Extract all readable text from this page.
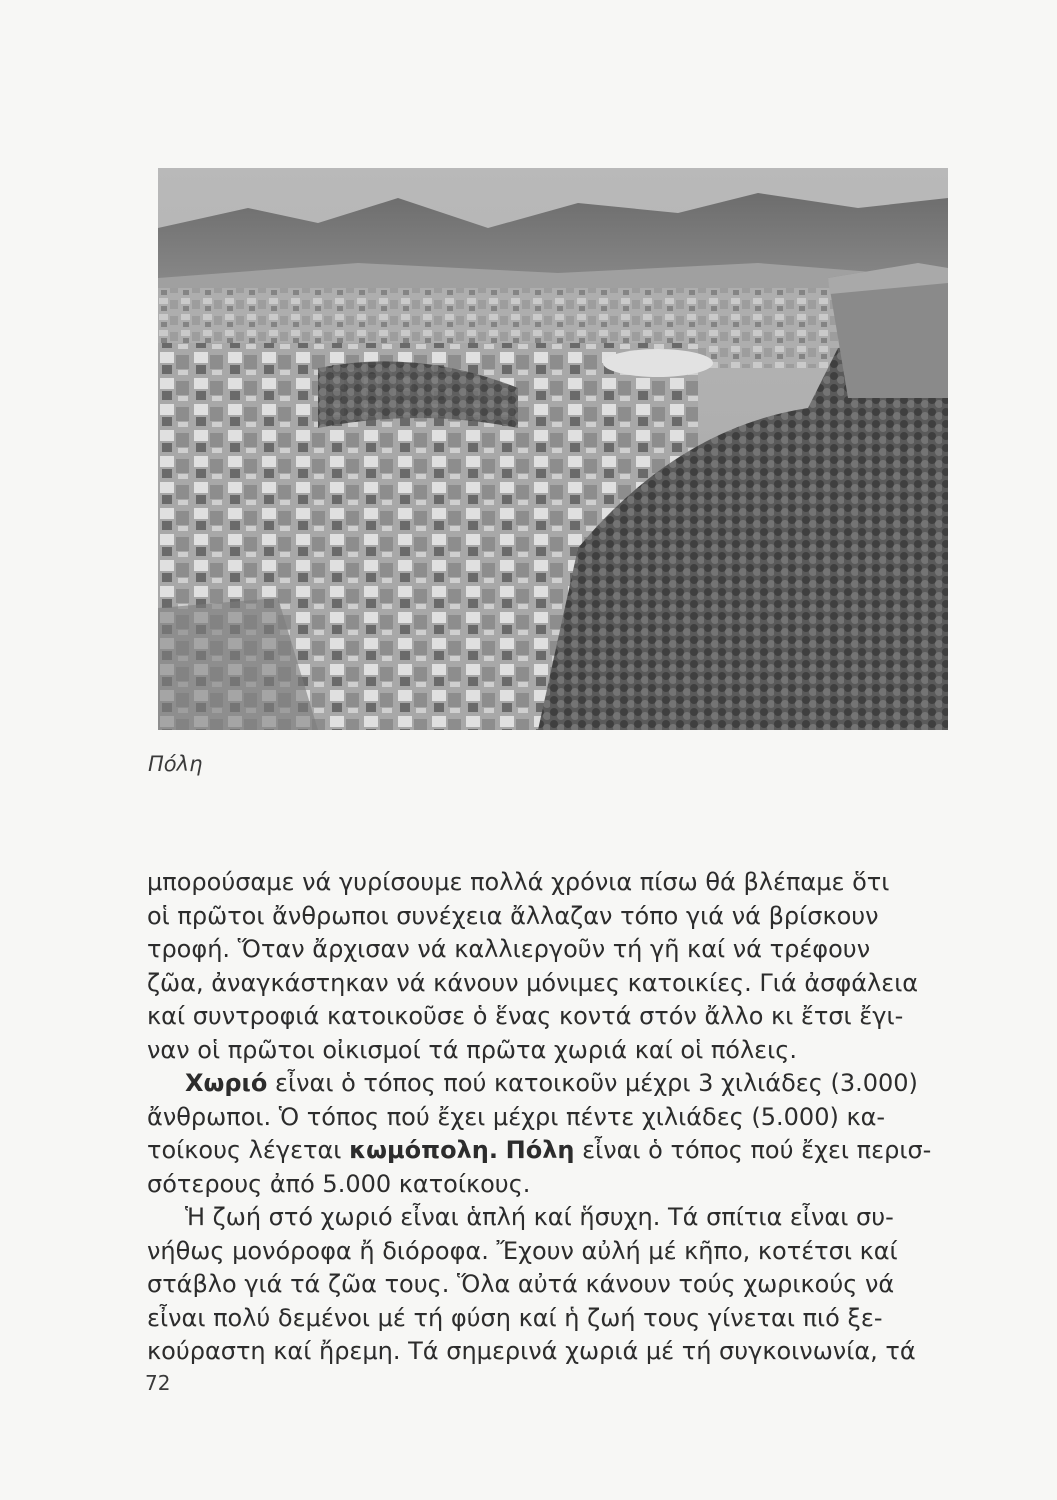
Πόλη
μπορούσαμε νά γυρίσουμε πολλά χρόνια πίσω θά βλέπαμε ὅτι
οἱ πρῶτοι ἄνθρωποι συνέχεια ἄλλαζαν τόπο γιά νά βρίσκουν
τροφή. Ὅταν ἄρχισαν νά καλλιεργοῦν τή γῆ καί νά τρέφουν
ζῶα, ἀναγκάστηκαν νά κάνουν μόνιμες κατοικίες. Γιά ἀσφάλεια
καί συντροφιά κατοικοῦσε ὁ ἕνας κοντά στόν ἄλλο κι ἔτσι ἔγι-
ναν οἱ πρῶτοι οἰκισμοί τά πρῶτα χωριά καί οἱ πόλεις.
Χωριό εἶναι ὁ τόπος πού κατοικοῦν μέχρι 3 χιλιάδες (3.000)
ἄνθρωποι. Ὁ τόπος πού ἔχει μέχρι πέντε χιλιάδες (5.000) κα-
τοίκους λέγεται κωμόπολη. Πόλη εἶναι ὁ τόπος πού ἔχει περισ-
σότερους ἀπό 5.000 κατοίκους.
Ἡ ζωή στό χωριό εἶναι ἁπλή καί ἥσυχη. Τά σπίτια εἶναι συ-
νήθως μονόροφα ἤ διόροφα. Ἔχουν αὐλή μέ κῆπο, κοτέτσι καί
στάβλο γιά τά ζῶα τους. Ὅλα αὐτά κάνουν τούς χωρικούς νά
εἶναι πολύ δεμένοι μέ τή φύση καί ἡ ζωή τους γίνεται πιό ξε-
κούραστη καί ἤρεμη. Τά σημερινά χωριά μέ τή συγκοινωνία, τά
72
